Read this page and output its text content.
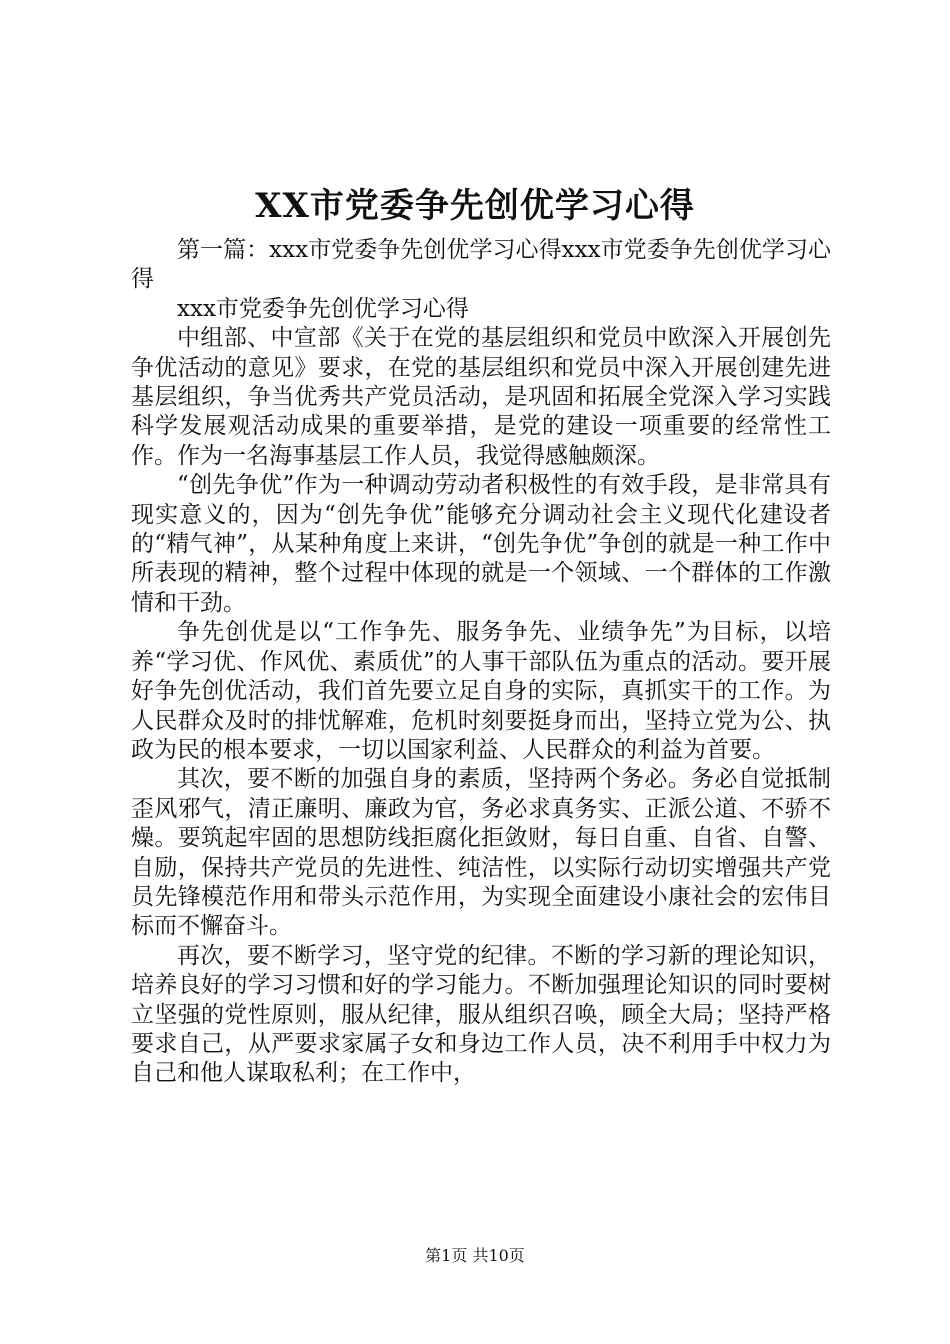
XX市党委争先创优学习心得

第一篇：xxx市党委争先创优学习心得xxx市党委争先创优学习心得

xxx市党委争先创优学习心得

中组部、中宣部《关于在党的基层组织和党员中欧深入开展创先争优活动的意见》要求，在党的基层组织和党员中深入开展创建先进基层组织，争当优秀共产党员活动，是巩固和拓展全党深入学习实践科学发展观活动成果的重要举措，是党的建设一项重要的经常性工作。作为一名海事基层工作人员，我觉得感触颇深。

“创先争优”作为一种调动劳动者积极性的有效手段，是非常具有现实意义的，因为“创先争优”能够充分调动社会主义现代化建设者的“精气神”，从某种角度上来讲，“创先争优”争创的就是一种工作中所表现的精神，整个过程中体现的就是一个领域、一个群体的工作激情和干劲。

争先创优是以“工作争先、服务争先、业绩争先”为目标，以培养“学习优、作风优、素质优”的人事干部队伍为重点的活动。要开展好争先创优活动，我们首先要立足自身的实际，真抓实干的工作。为人民群众及时的排忧解难，危机时刻要挺身而出，坚持立党为公、执政为民的根本要求，一切以国家利益、人民群众的利益为首要。

其次，要不断的加强自身的素质，坚持两个务必。务必自觉抵制歪风邪气，清正廉明、廉政为官，务必求真务实、正派公道、不骄不燥。要筑起牢固的思想防线拒腐化拒敛财，每日自重、自省、自警、自励，保持共产党员的先进性、纯洁性，以实际行动切实增强共产党员先锋模范作用和带头示范作用，为实现全面建设小康社会的宏伟目标而不懈奋斗。

再次，要不断学习，坚守党的纪律。不断的学习新的理论知识，培养良好的学习习惯和好的学习能力。不断加强理论知识的同时要树立坚强的党性原则，服从纪律，服从组织召唤，顾全大局；坚持严格要求自己，从严要求家属子女和身边工作人员，决不利用手中权力为自己和他人谋取私利；在工作中，

第1页 共10页
